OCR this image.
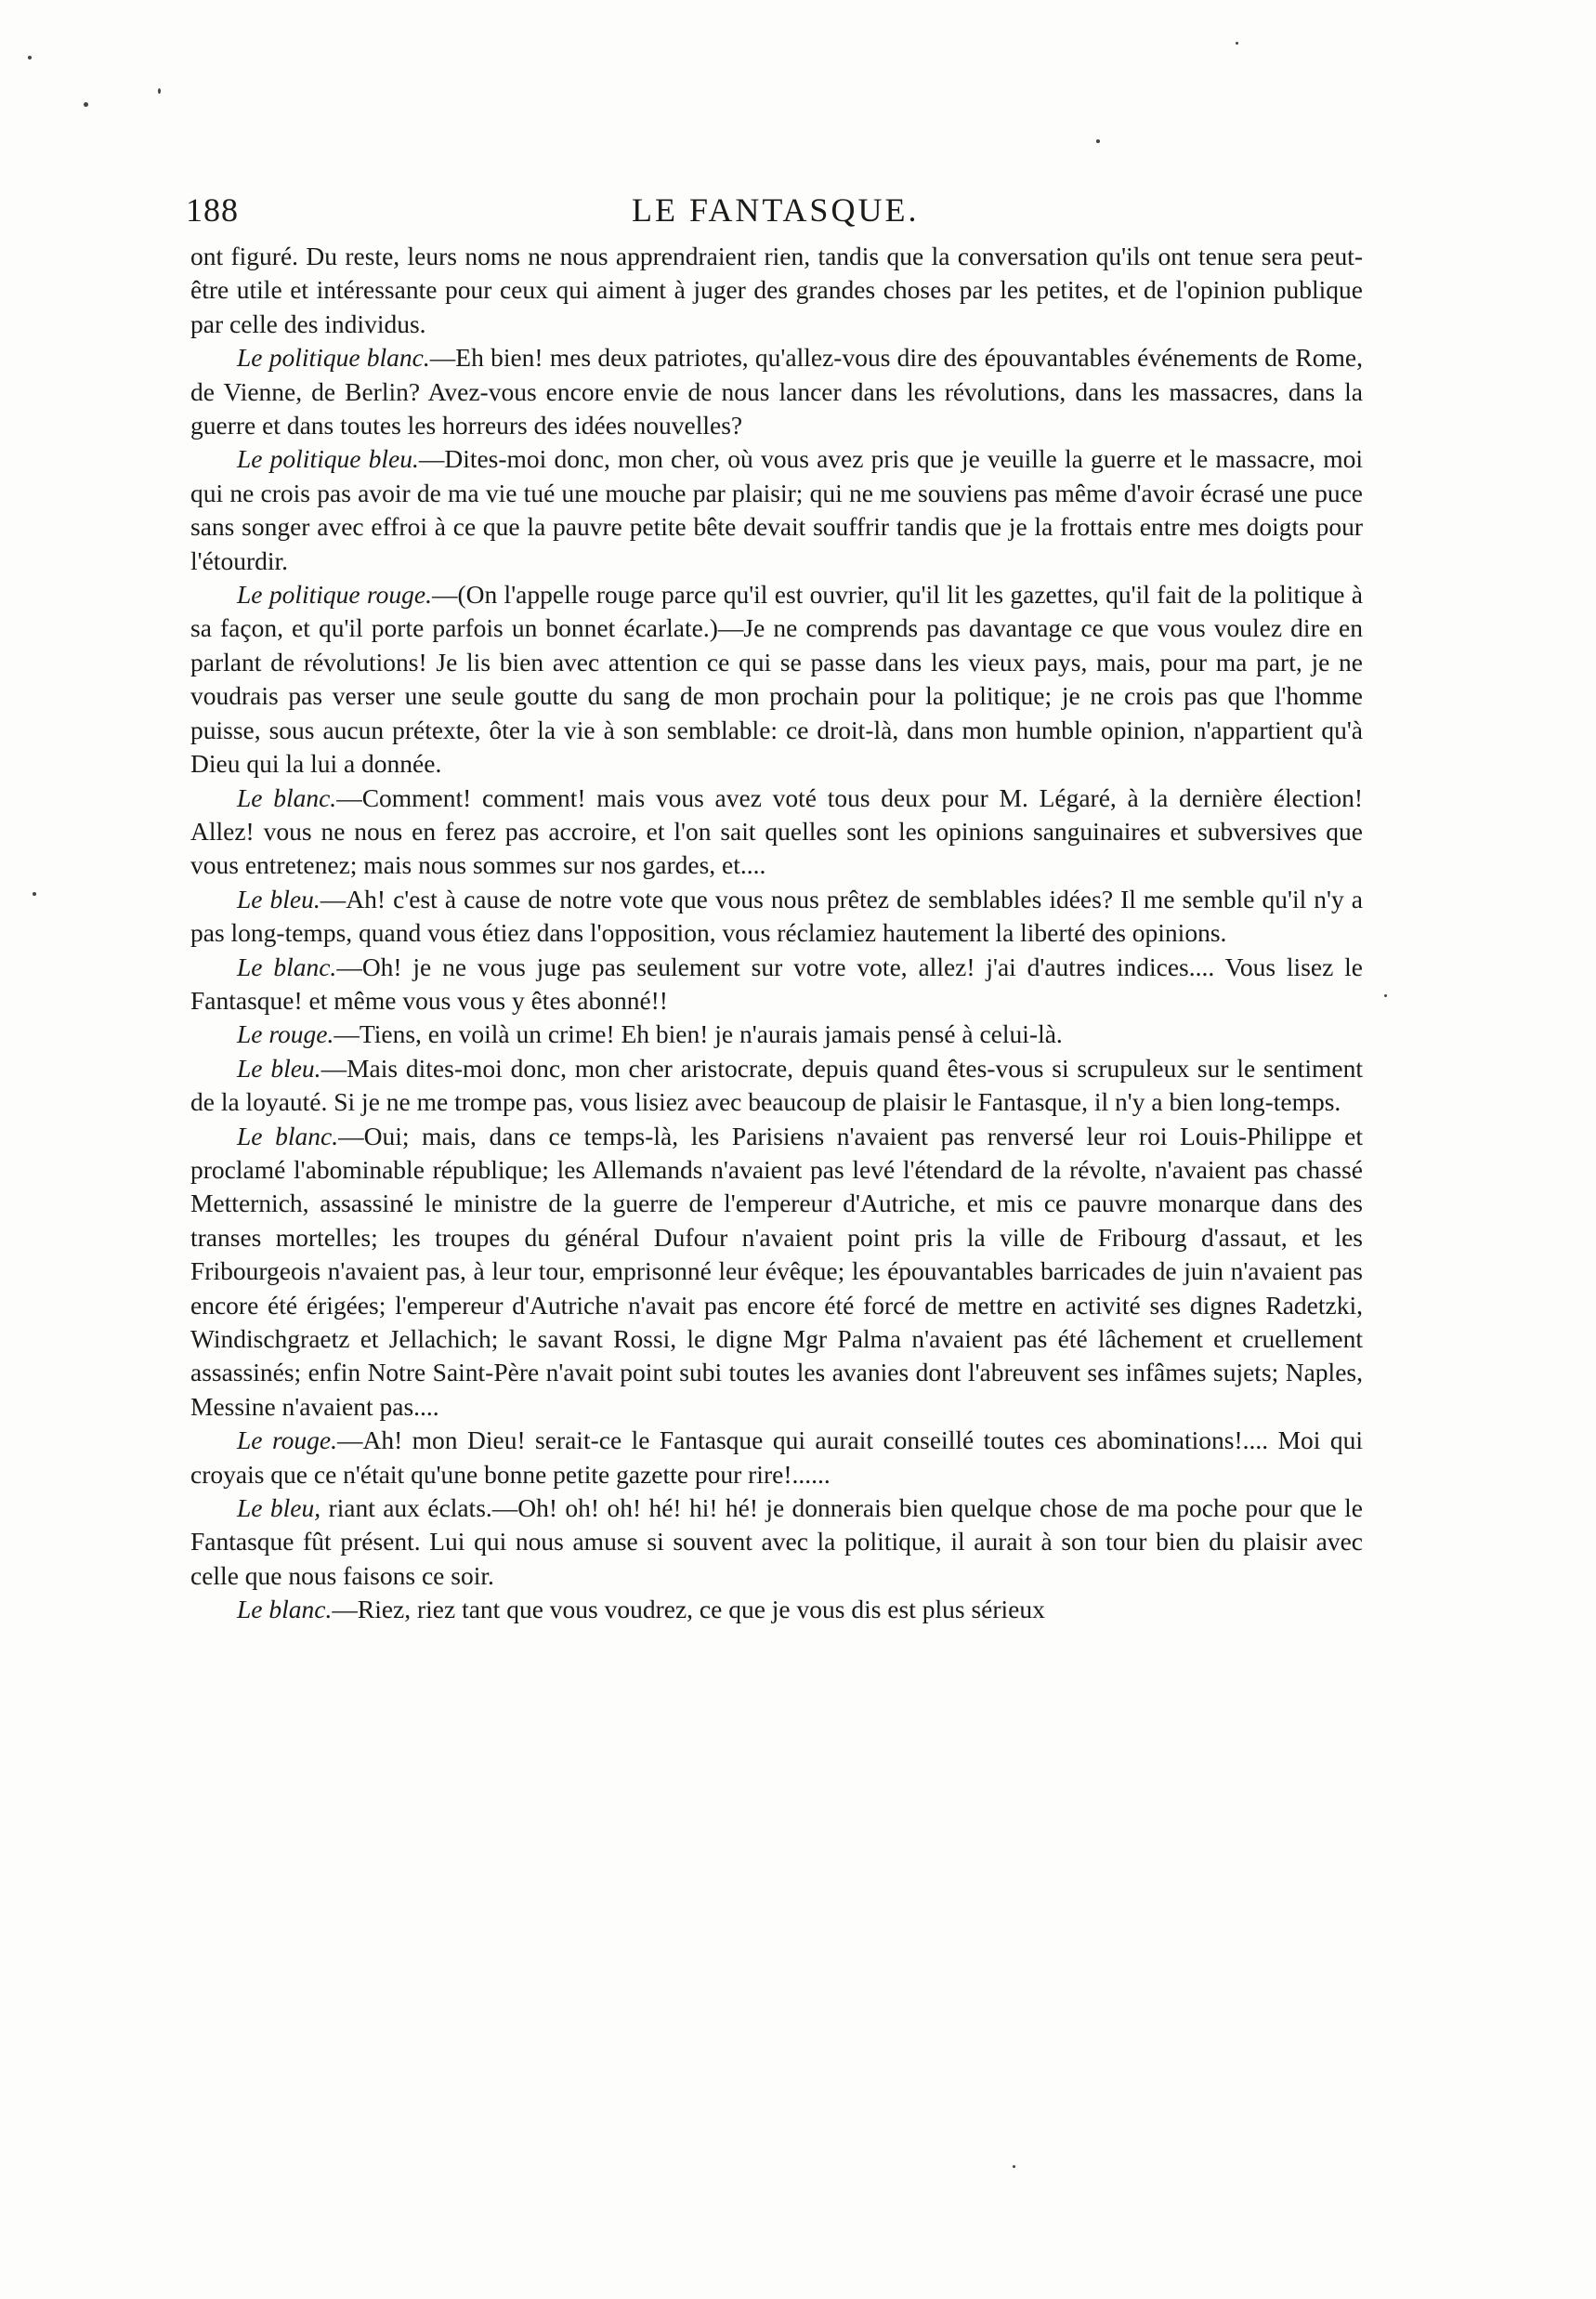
188	LE FANTASQUE.

ont figuré. Du reste, leurs noms ne nous apprendraient rien, tandis que la conversation qu'ils ont tenue sera peut-être utile et intéressante pour ceux qui aiment à juger des grandes choses par les petites, et de l'opinion publique par celle des individus.

Le politique blanc.—Eh bien! mes deux patriotes, qu'allez-vous dire des épouvantables événements de Rome, de Vienne, de Berlin? Avez-vous encore envie de nous lancer dans les révolutions, dans les massacres, dans la guerre et dans toutes les horreurs des idées nouvelles?

Le politique bleu.—Dites-moi donc, mon cher, où vous avez pris que je veuille la guerre et le massacre, moi qui ne crois pas avoir de ma vie tué une mouche par plaisir; qui ne me souviens pas même d'avoir écrasé une puce sans songer avec effroi à ce que la pauvre petite bête devait souffrir tandis que je la frottais entre mes doigts pour l'étourdir.

Le politique rouge.—(On l'appelle rouge parce qu'il est ouvrier, qu'il lit les gazettes, qu'il fait de la politique à sa façon, et qu'il porte parfois un bonnet écarlate.)—Je ne comprends pas davantage ce que vous voulez dire en parlant de révolutions! Je lis bien avec attention ce qui se passe dans les vieux pays, mais, pour ma part, je ne voudrais pas verser une seule goutte du sang de mon prochain pour la politique; je ne crois pas que l'homme puisse, sous aucun prétexte, ôter la vie à son semblable: ce droit-là, dans mon humble opinion, n'appartient qu'à Dieu qui la lui a donnée.

Le blanc.—Comment! comment! mais vous avez voté tous deux pour M. Légaré, à la dernière élection! Allez! vous ne nous en ferez pas accroire, et l'on sait quelles sont les opinions sanguinaires et subversives que vous entretenez; mais nous sommes sur nos gardes, et....

Le bleu.—Ah! c'est à cause de notre vote que vous nous prêtez de semblables idées? Il me semble qu'il n'y a pas long-temps, quand vous étiez dans l'opposition, vous réclamiez hautement la liberté des opinions.

Le blanc.—Oh! je ne vous juge pas seulement sur votre vote, allez! j'ai d'autres indices.... Vous lisez le Fantasque! et même vous vous y êtes abonné!!

Le rouge.—Tiens, en voilà un crime! Eh bien! je n'aurais jamais pensé à celui-là.

Le bleu.—Mais dites-moi donc, mon cher aristocrate, depuis quand êtes-vous si scrupuleux sur le sentiment de la loyauté. Si je ne me trompe pas, vous lisiez avec beaucoup de plaisir le Fantasque, il n'y a bien long-temps.

Le blanc.—Oui; mais, dans ce temps-là, les Parisiens n'avaient pas renversé leur roi Louis-Philippe et proclamé l'abominable république; les Allemands n'avaient pas levé l'étendard de la révolte, n'avaient pas chassé Metternich, assassiné le ministre de la guerre de l'empereur d'Autriche, et mis ce pauvre monarque dans des transes mortelles; les troupes du général Dufour n'avaient point pris la ville de Fribourg d'assaut, et les Fribourgeois n'avaient pas, à leur tour, emprisonné leur évêque; les épouvantables barricades de juin n'avaient pas encore été érigées; l'empereur d'Autriche n'avait pas encore été forcé de mettre en activité ses dignes Radetzki, Windischgraetz et Jellachich; le savant Rossi, le digne Mgr Palma n'avaient pas été lâchement et cruellement assassinés; enfin Notre Saint-Père n'avait point subi toutes les avanies dont l'abreuvent ses infâmes sujets; Naples, Messine n'avaient pas....

Le rouge.—Ah! mon Dieu! serait-ce le Fantasque qui aurait conseillé toutes ces abominations!.... Moi qui croyais que ce n'était qu'une bonne petite gazette pour rire!......

Le bleu, riant aux éclats.—Oh! oh! oh! hé! hi! hé! je donnerais bien quelque chose de ma poche pour que le Fantasque fût présent. Lui qui nous amuse si souvent avec la politique, il aurait à son tour bien du plaisir avec celle que nous faisons ce soir.

Le blanc.—Riez, riez tant que vous voudrez, ce que je vous dis est plus sérieux
